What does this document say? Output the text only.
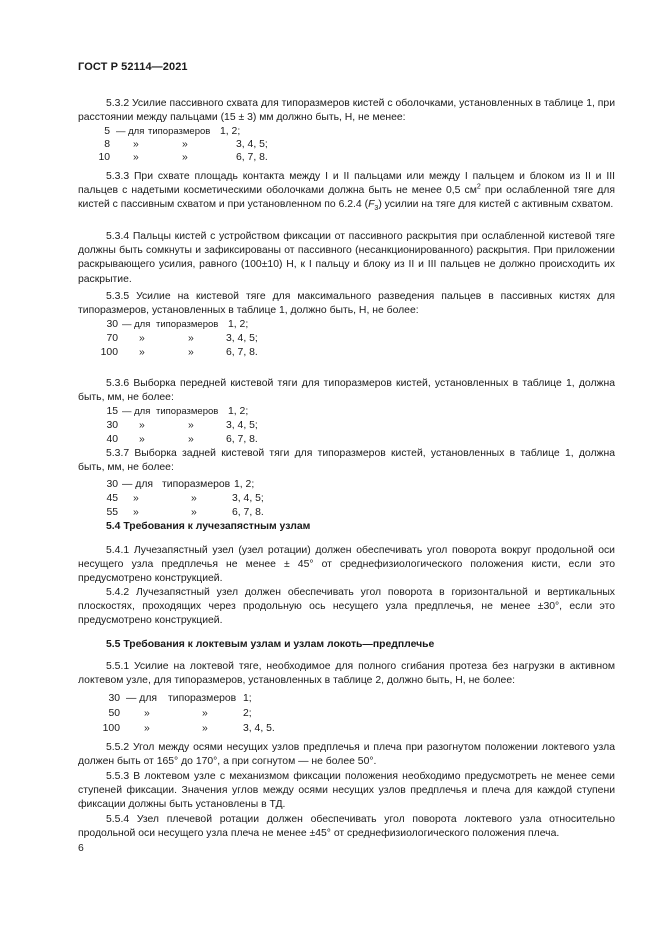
ГОСТ Р 52114—2021

5.3.2 Усилие пассивного схвата для типоразмеров кистей с оболочками, установленных в таблице 1, при расстоянии между пальцами (15 ± 3) мм должно быть, Н, не менее:

5 — для типоразмеров 1, 2;
8 »	»	3, 4, 5;
10 »	»	6, 7, 8.

5.3.3 При схвате площадь контакта между I и II пальцами или между I пальцем и блоком из II и III пальцев с надетыми косметическими оболочками должна быть не менее 0,5 $см^2$ при ослабленной тяге для кистей с пассивным схватом и при установленном по 6.2.4 $(F_3)$ усилии на тяге для кистей с активным схватом.

5.3.4 Пальцы кистей с устройством фиксации от пассивного раскрытия при ослабленной кистевой тяге должны быть сомкнуты и зафиксированы от пассивного (несанкционированного) раскрытия. При приложении раскрывающего усилия, равного (100±10) Н, к I пальцу и блоку из II и III пальцев не должно происходить их раскрытие.

5.3.5 Усилие на кистевой тяге для максимального разведения пальцев в пассивных кистях для типоразмеров, установленных в таблице 1, должно быть, Н, не более:

30 — для типоразмеров 1, 2;
70 »	»	3, 4, 5;
100 »	»	6, 7, 8.

5.3.6 Выборка передней кистевой тяги для типоразмеров кистей, установленных в таблице 1, должна быть, мм, не более:

15 — для типоразмеров 1, 2;
30 »	»	3, 4, 5;
40 »	»	6, 7, 8.

5.3.7 Выборка задней кистевой тяги для типоразмеров кистей, установленных в таблице 1, должна быть, мм, не более:

30 — для типоразмеров 1, 2;
45 »	»	3, 4, 5;
55 »	»	6, 7, 8.

5.4 Требования к лучезапястным узлам

5.4.1 Лучезапястный узел (узел ротации) должен обеспечивать угол поворота вокруг продольной оси несущего узла предплечья не менее ± 45° от среднефизиологического положения кисти, если это предусмотрено конструкцией.

5.4.2 Лучезапястный узел должен обеспечивать угол поворота в горизонтальной и вертикальных плоскостях, проходящих через продольную ось несущего узла предплечья, не менее ±30°, если это предусмотрено конструкцией.

5.5 Требования к локтевым узлам и узлам локоть—предплечье

5.5.1 Усилие на локтевой тяге, необходимое для полного сгибания протеза без нагрузки в активном локтевом узле, для типоразмеров, установленных в таблице 2, должно быть, Н, не более:

30 — для типоразмеров 1;
50 »	»	2;
100 »	»	3, 4, 5.

5.5.2 Угол между осями несущих узлов предплечья и плеча при разогнутом положении локтевого узла должен быть от 165° до 170°, а при согнутом — не более 50°.

5.5.3 В локтевом узле с механизмом фиксации положения необходимо предусмотреть не менее семи ступеней фиксации. Значения углов между осями несущих узлов предплечья и плеча для каждой ступени фиксации должны быть установлены в ТД.

5.5.4 Узел плечевой ротации должен обеспечивать угол поворота локтевого узла относительно продольной оси несущего узла плеча не менее ±45° от среднефизиологического положения плеча.

6
